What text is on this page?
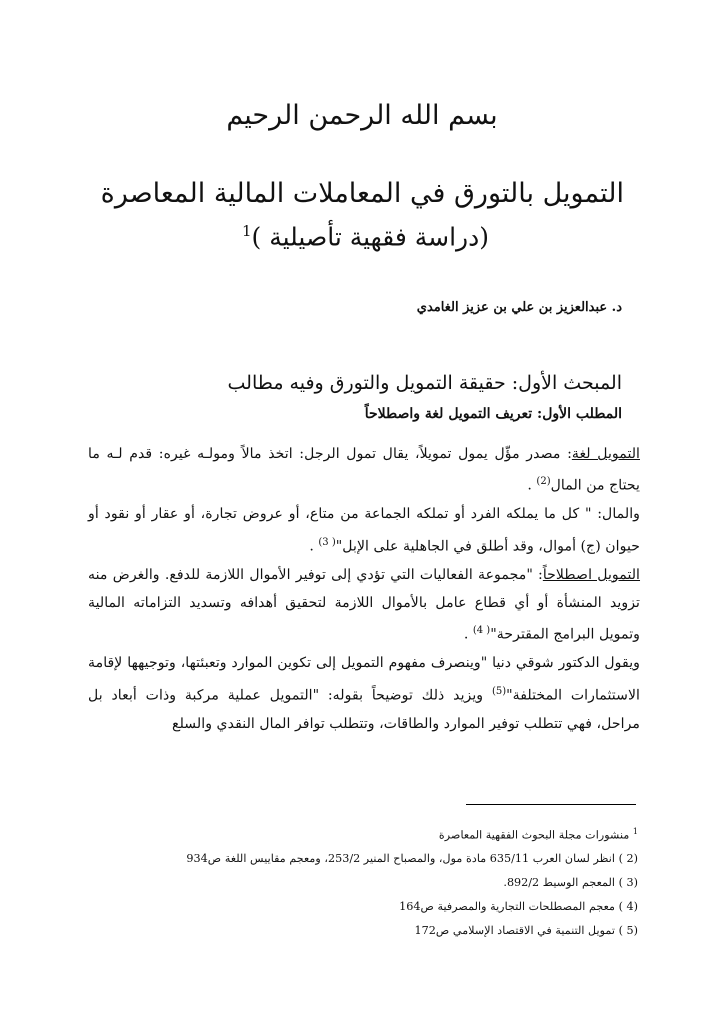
بسم الله الرحمن الرحيم
التمويل بالتورق في المعاملات المالية المعاصرة
(دراسة فقهية تأصيلية )$^1$
د. عبدالعزيز بن علي بن عزيز الغامدي
المبحث الأول: حقيقة التمويل والتورق وفيه مطالب
المطلب الأول: تعريف التمويل لغة واصطلاحاً

التمويل لغة: مصدر مؤّل يمول تمويلاً، يقال تمول الرجل: اتخذ مالاً ومولـه غيره: قدم لـه ما يحتاج من المال$^{(2)}$ .

والمال: " كل ما يملكه الفرد أو تملكه الجماعة من متاع، أو عروض تجارة، أو عقار أو نقود أو حيوان (ج) أموال، وقد أطلق في الجاهلية على الإبل"$^{( 3)}$ .

التمويل اصطلاحاً: "مجموعة الفعاليات التي تؤدي إلى توفير الأموال اللازمة للدفع. والغرض منه تزويد المنشأة أو أي قطاع عامل بالأموال اللازمة لتحقيق أهدافه وتسديد التزاماته المالية وتمويل البرامج المقترحة"$^{( 4)}$ .

ويقول الدكتور شوقي دنيا "وينصرف مفهوم التمويل إلى تكوين الموارد وتعبئتها، وتوجيهها لإقامة الاستثمارات المختلفة"$^{(5)}$ ويزيد ذلك توضيحاً بقوله: "التمويل عملية مركبة وذات أبعاد بل مراحل، فهي تتطلب توفير الموارد والطاقات، وتتطلب توافر المال النقدي والسلع

$^1$ منشورات مجلة البحوث الفقهية المعاصرة
(2 ) انظر لسان العرب 635/11 مادة مول، والمصباح المنير 253/2، ومعجم مقاييس اللغة ص934
(3 ) المعجم الوسيط 892/2.
(4 ) معجم المصطلحات التجارية والمصرفية ص164
(5 ) تمويل التنمية في الاقتصاد الإسلامي ص172
